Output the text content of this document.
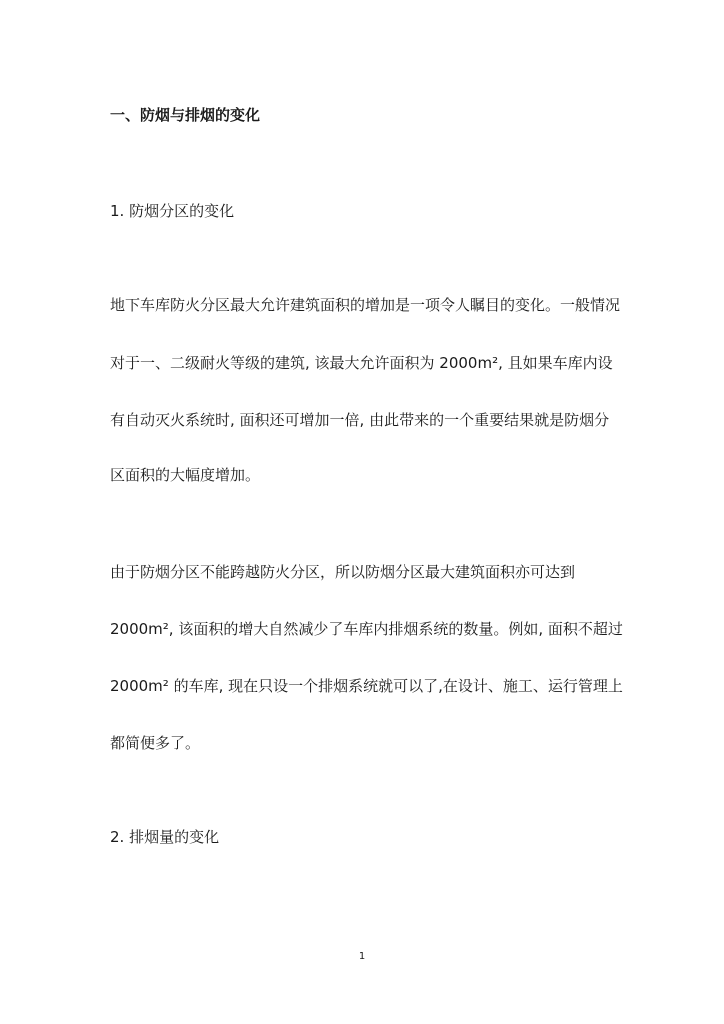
一、防烟与排烟的变化
1. 防烟分区的变化
地下车库防火分区最大允许建筑面积的增加是一项令人瞩目的变化。一般情况
对于一、二级耐火等级的建筑, 该最大允许面积为 2000m², 且如果车库内设
有自动灭火系统时, 面积还可增加一倍, 由此带来的一个重要结果就是防烟分
区面积的大幅度增加。
由于防烟分区不能跨越防火分区，所以防烟分区最大建筑面积亦可达到
2000m², 该面积的增大自然减少了车库内排烟系统的数量。例如, 面积不超过
2000m² 的车库, 现在只设一个排烟系统就可以了,在设计、施工、运行管理上
都简便多了。
2. 排烟量的变化
1
